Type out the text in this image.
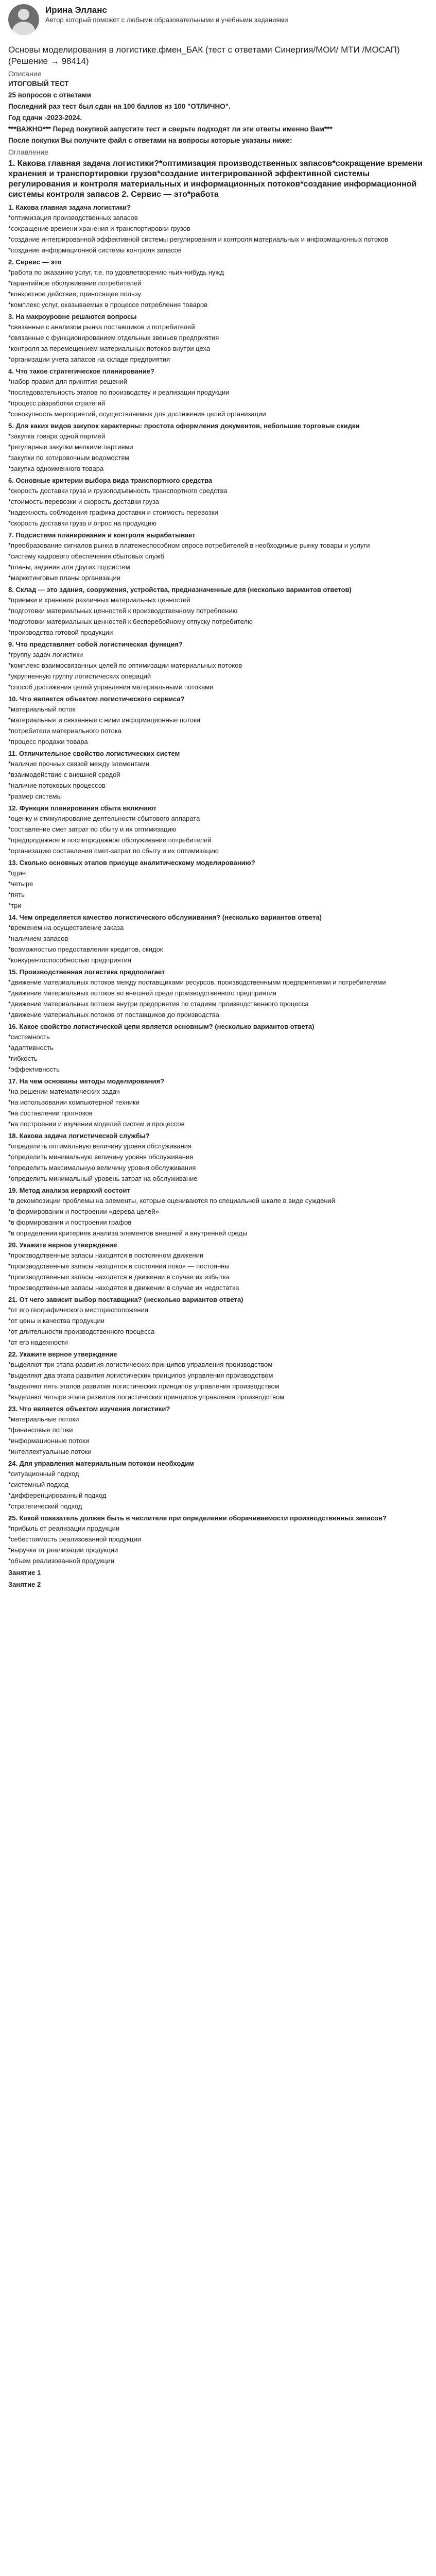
Ирина Элланс
Автор который поможет с любыми образовательными и учебными заданиями
Основы моделирования в логистике.фмен_БАК (тест с ответами Синергия/МОИ/ МТИ /МОСАП) (Решение → 98414)
Описание
ИТОГОВЫЙ ТЕСТ
25 вопросов с ответами
Последний раз тест был сдан на 100 баллов из 100 "ОТЛИЧНО".
Год сдачи -2023-2024.
***ВАЖНО*** Перед покупкой запустите тест и сверьте подходят ли эти ответы именно Вам***
После покупки Вы получите файл с ответами на вопросы которые указаны ниже:
Оглавление
1. Какова главная задача логистики?*оптимизация производственных запасов*сокращение времени хранения и транспортировки грузов*создание интегрированной эффективной системы регулирования и контроля материальных и информационных потоков*создание информационной системы контроля запасов 2. Сервис — это*работа
1. Какова главная задача логистики?
*оптимизация производственных запасов
*сокращение времени хранения и транспортировки грузов
*создание интегрированной эффективной системы регулирования и контроля материальных и информационных потоков
*создание информационной системы контроля запасов
2. Сервис — это
*работа по оказанию услуг, т.е. по удовлетворению чьих-нибудь нужд
*гарантийное обслуживание потребителей
*конкретное действие, приносящее пользу
*комплекс услуг, оказываемых в процессе потребления товаров
3. На макроуровне решаются вопросы
*связанные с анализом рынка поставщиков и потребителей
*связанные с функционированием отдельных звеньев предприятия
*контроля за перемещением материальных потоков внутри цеха
*организации учета запасов на складе предприятия
4. Что такое стратегическое планирование?
*набор правил для принятия решений
*последовательность этапов по производству и реализации продукции
*процесс разработки стратегий
*совокупность мероприятий, осуществляемых для достижения целей организации
5. Для каких видов закупок характерны: простота оформления документов, небольшие торговые скидки
*закупка товара одной партией
*регулярные закупки мелкими партиями
*закупки по котировочным ведомостям
*закупка одноименного товара
6. Основные критерии выбора вида транспортного средства
*скорость доставки груза и грузоподъемность транспортного средства
*стоимость перевозки и скорость доставки груза
*надежность соблюдения графика доставки и стоимость перевозки
*скорость доставки груза и опрос на продукцию
7. Подсистема планирования и контроля вырабатывает
*преобразование сигналов рынка в платежеспособном спросе потребителей в необходимые рынку товары и услуги
*систему кадрового обеспечения сбытовых служб
*планы, задания для других подсистем
*маркетинговые планы организации
8. Склад — это здания, сооружения, устройства, предназначенные для (несколько вариантов ответов)
*приемки и хранения различных материальных ценностей
*подготовки материальных ценностей к производственному потреблению
*подготовки материальных ценностей к бесперебойному отпуску потребителю
*производства готовой продукции
9. Что представляет собой логистическая функция?
*группу задач логистики
*комплекс взаимосвязанных целей по оптимизации материальных потоков
*укрупненную группу логистических операций
*способ достижения целей управления материальными потоками
10. Что является объектом логистического сервиса?
*материальный поток
*материальные и связанные с ними информационные потоки
*потребители материального потока
*процесс продажи товара
11. Отличительное свойство логистических систем
*наличие прочных связей между элементами
*взаимодействие с внешней средой
*наличие потоковых процессов
*размер системы
12. Функции планирования сбыта включают
*оценку и стимулирование деятельности сбытового аппарата
*составление смет затрат по сбыту и их оптимизацию
*предпродажное и послепродажное обслуживание потребителей
*организацию составления смет-затрат по сбыту и их оптимизацию
13. Сколько основных этапов присуще аналитическому моделированию?
*один
*четыре
*пять
*три
14. Чем определяется качество логистического обслуживания? (несколько вариантов ответа)
*временем на осуществление заказа
*наличием запасов
*возможностью предоставления кредитов, скидок
*конкурентоспособностью предприятия
15. Производственная логистика предполагает
*движение материальных потоков между поставщиками ресурсов, производственными предприятиями и потребителями
*движение материальных потоков во внешней среде производственного предприятия
*движение материальных потоков внутри предприятия по стадиям производственного процесса
*движение материальных потоков от поставщиков до производства
16. Какое свойство логистической цепи является основным? (несколько вариантов ответа)
*системность
*адаптивность
*гибкость
*эффективность
17. На чем основаны методы моделирования?
*на решении математических задач
*на использовании компьютерной техники
*на составлении прогнозов
*на построении и изучении моделей систем и процессов
18. Какова задача логистической службы?
*определить оптимальную величину уровня обслуживания
*определить минимальную величину уровня обслуживания
*определить максимальную величину уровня обслуживания
*определить минимальный уровень затрат на обслуживание
19. Метод анализа иерархий состоит
*в декомпозиции проблемы на элементы, которые оцениваются по специальной шкале в виде суждений
*в формировании и построении «дерева целей»
*в формировании и построении графов
*в определении критериев анализа элементов внешней и внутренней среды
20. Укажите верное утверждение
*производственные запасы находятся в постоянном движении
*производственные запасы находятся в состоянии покоя — постоянны
*производственные запасы находятся в движении в случае их избытка
*производственные запасы находятся в движении в случае их недостатка
21. От чего зависит выбор поставщика? (несколько вариантов ответа)
*от его географического месторасположения
*от цены и качества продукции
*от длительности производственного процесса
*от его надежности
22. Укажите верное утверждение
*выделяют три этапа развития логистических принципов управления производством
*выделяют два этапа развития логистических принципов управления производством
*выделяют пять этапов развития логистических принципов управления производством
*выделяют четыре этапа развития логистических принципов управления производством
23. Что является объектом изучения логистики?
*материальные потоки
*финансовые потоки
*информационные потоки
*интеллектуальные потоки
24. Для управления материальным потоком необходим
*ситуационный подход
*системный подход
*дифференцированный подход
*стратегический подход
25. Какой показатель должен быть в числителе при определении оборачиваемости производственных запасов?
*прибыль от реализации продукции
*себестоимость реализованной продукции
*выручка от реализации продукции
*объем реализованной продукции
Занятие 1
Занятие 2
